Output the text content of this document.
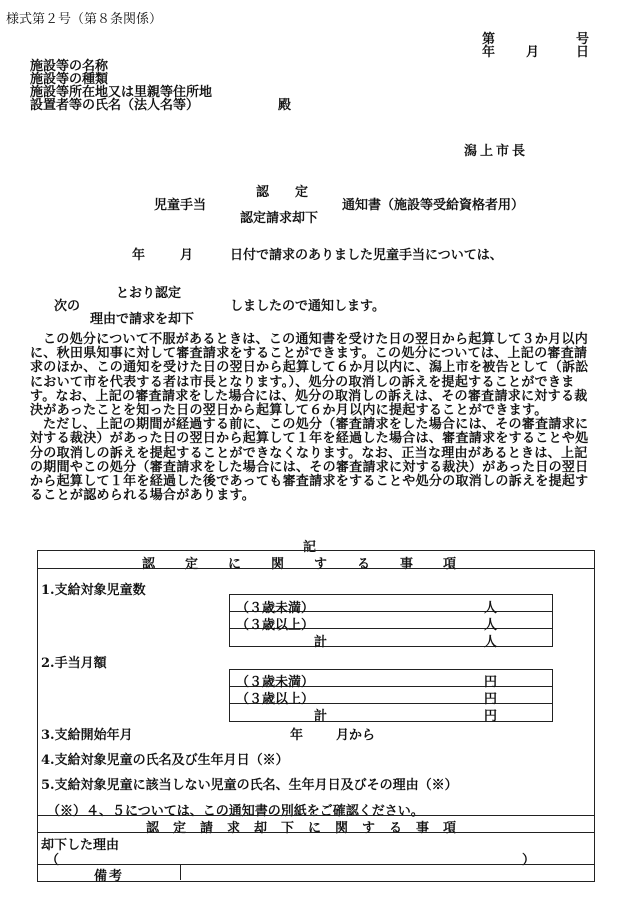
様式第２号（第８条関係）
第	号
年 月	日
施設等の名称
施設等の種類
施設等所在地又は里親等住所地
設置者等の氏名（法人名等）	殿
潟上市長
認　　定
児童手当	通知書（施設等受給資格者用）
認定請求却下
年	月	日付で請求のありました児童手当については、
とおり認定
次の	しましたので通知します。
理由で請求を却下

この処分について不服があるときは、この通知書を受けた日の翌日から起算して３か月以内に、秋田県知事に対して審査請求をすることができます。この処分については、上記の審査請求のほか、この通知を受けた日の翌日から起算して６か月以内に、潟上市を被告として（訴訟において市を代表する者は市長となります。）、処分の取消しの訴えを提起することができます。なお、上記の審査請求をした場合には、処分の取消しの訴えは、その審査請求に対する裁決があったことを知った日の翌日から起算して６か月以内に提起することができます。

ただし、上記の期間が経過する前に、この処分（審査請求をした場合には、その審査請求に対する裁決）があった日の翌日から起算して１年を経過した場合は、審査請求をすることや処分の取消しの訴えを提起することができなくなります。なお、正当な理由があるときは、上記の期間やこの処分（審査請求をした場合には、その審査請求に対する裁決）があった日の翌日から起算して１年を経過した後であっても審査請求をすることや処分の取消しの訴えを提起することが認められる場合があります。

記
認定に関する事項
1.支給対象児童数
（３歳未満）	人
（３歳以上）	人
計	人
2.手当月額
（３歳未満）	円
（３歳以上）	円
計	円
3.支給開始年月	年	月から
4.支給対象児童の氏名及び生年月日（※）
5.支給対象児童に該当しない児童の氏名、生年月日及びその理由（※）
（※）４、５については、この通知書の別紙をご確認ください。
認定請求却下に関する事項
却下した理由
（	）
備考
